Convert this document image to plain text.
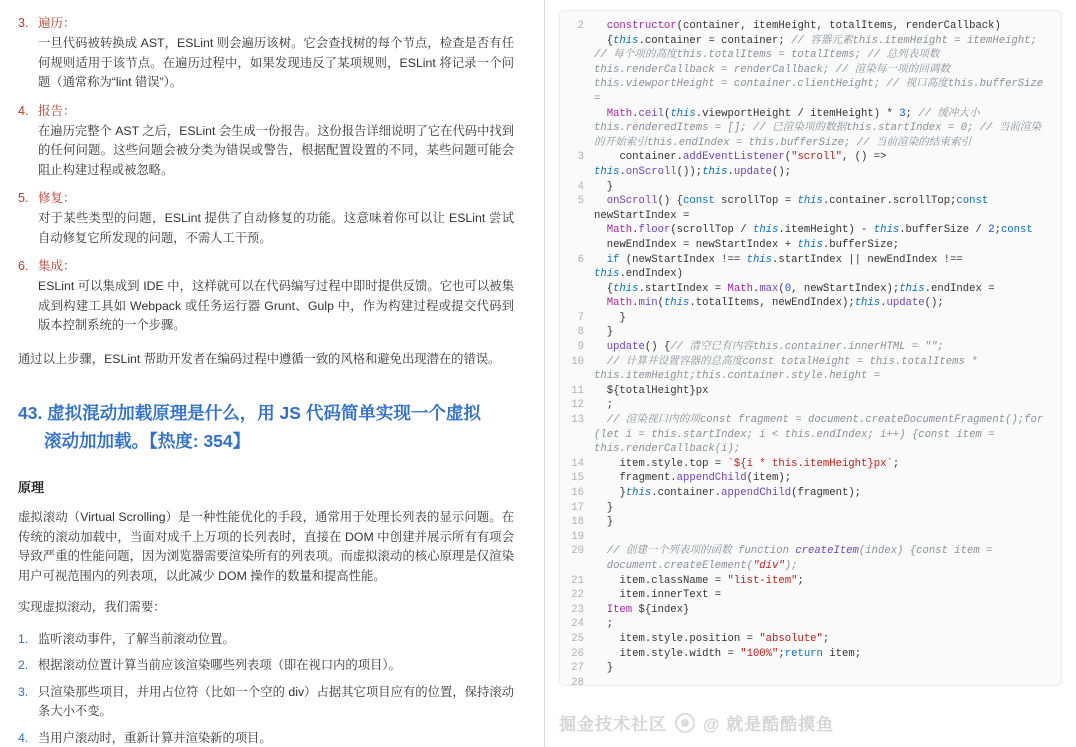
3. 遍历：
一旦代码被转换成 AST，ESLint 则会遍历该树。它会查找树的每个节点，检查是否有任何规则适用于该节点。在遍历过程中，如果发现违反了某项规则，ESLint 将记录一个问题（通常称为“lint 错误”）。
4. 报告：
在遍历完整个 AST 之后，ESLint 会生成一份报告。这份报告详细说明了它在代码中找到的任何问题。这些问题会被分类为错误或警告，根据配置设置的不同，某些问题可能会阻止构建过程或被忽略。
5. 修复：
对于某些类型的问题，ESLint 提供了自动修复的功能。这意味着你可以让 ESLint 尝试自动修复它所发现的问题，不需人工干预。
6. 集成：
ESLint 可以集成到 IDE 中，这样就可以在代码编写过程中即时提供反馈。它也可以被集成到构建工具如 Webpack 或任务运行器 Grunt、Gulp 中，作为构建过程或提交代码到版本控制系统的一个步骤。

通过以上步骤，ESLint 帮助开发者在编码过程中遵循一致的风格和避免出现潜在的错误。

43. 虚拟混动加载原理是什么，用 JS 代码简单实现一个虚拟
滚动加加载。【热度: 354】
原理

虚拟滚动（Virtual Scrolling）是一种性能优化的手段，通常用于处理长列表的显示问题。在传统的滚动加载中，当面对成千上万项的长列表时，直接在 DOM 中创建并展示所有有项会导致严重的性能问题，因为浏览器需要渲染所有的列表项。而虚拟滚动的核心原理是仅渲染用户可视范围内的列表项，以此减少 DOM 操作的数量和提高性能。

实现虚拟滚动，我们需要：

1. 监听滚动事件，了解当前滚动位置。
2. 根据滚动位置计算当前应该渲染哪些列表项（即在视口内的项目）。
3. 只渲染那些项目，并用占位符（比如一个空的 div）占据其它项目应有的位置，保持滚动条大小不变。
4. 当用户滚动时，重新计算并渲染新的项目。

2	constructor(container, itemHeight, totalItems, renderCallback)
{this.container = container; // 容器元素this.itemHeight = itemHeight; // 每个项的高度this.totalItems = totalItems; // 总列表项数this.renderCallback = renderCallback; // 渲染每一项的回调数this.viewportHeight = container.clientHeight; // 视口高度this.bufferSize =
Math.ceil(this.viewportHeight / itemHeight) * 3; // 缓冲大小this.renderedItems = []; // 已渲染项的数据this.startIndex = 0; // 当前渲染的开始索引this.endIndex = this.bufferSize; // 当前渲染的结束索引
3 container.addEventListener("scroll", () => this.onScroll());this.update();
4 }
5	onScroll() {const scrollTop = this.container.scrollTop;const newStartIndex =
Math.floor(scrollTop / this.itemHeight) - this.bufferSize / 2;const
newEndIndex = newStartIndex + this.bufferSize;
6	if (newStartIndex !== this.startIndex || newEndIndex !== this.endIndex)
{this.startIndex = Math.max(0, newStartIndex);this.endIndex =
Math.min(this.totalItems, newEndIndex);this.update();
7 }
8 }
9	update() {// 清空已有内容this.container.innerHTML = "";
10	// 计算并设置容器的总高度const totalHeight = this.totalItems * this.itemHeight;this.container.style.height =
11 ${totalHeight}px
12 ;
13	// 渲染视口内的项const fragment = document.createDocumentFragment();for (let i = this.startIndex; i < this.endIndex; i++) {const item = this.renderCallback(i);
14 item.style.top = `${i * this.itemHeight}px`;
15 fragment.appendChild(item);
16 }this.container.appendChild(fragment);
17 }
18 }
19
20	// 创建一个列表项的函数 function createItem(index) {const item =
document.createElement("div");
21 item.className = "list-item";
22 item.innerText =
23	Item ${index}
24 ;
25 item.style.position = "absolute";
26 item.style.width = "100%";return item;
27 }
28

掘金技术社区 @ 就是酷酷摸鱼
